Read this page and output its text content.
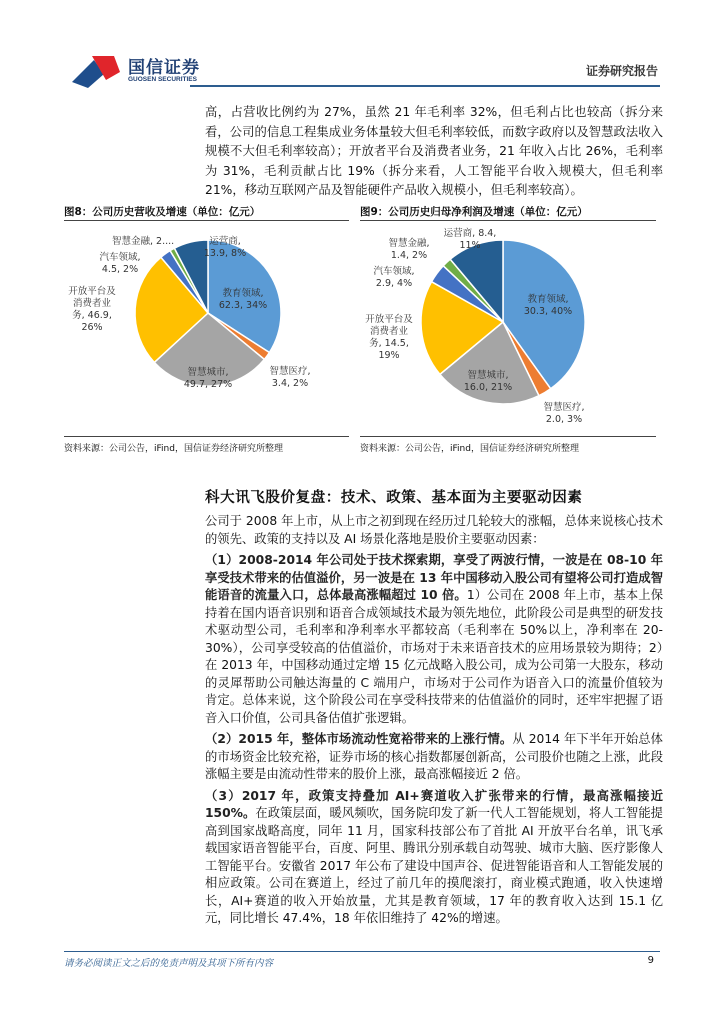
国信证券
GUOSEN SECURITIES
证券研究报告
高，占营收比例约为 27%，虽然 21 年毛利率 32%，但毛利占比也较高（拆分来看，公司的信息工程集成业务体量较大但毛利率较低，而数字政府以及智慧政法收入规模不大但毛利率较高）；开放者平台及消费者业务，21 年收入占比 26%，毛利率为 31%，毛利贡献占比 19%（拆分来看，人工智能平台收入规模大，但毛利率 21%，移动互联网产品及智能硬件产品收入规模小，但毛利率较高）。
图8：公司历史营收及增速（单位：亿元）
资料来源：公司公告，iFind，国信证券经济研究所整理
图9：公司历史归母净利润及增速（单位：亿元）
资料来源：公司公告，iFind，国信证券经济研究所整理
教育领域, 62.3, 34%
智慧医疗, 3.4, 2%
智慧城市, 49.7, 27%
开放平台及消费者业务, 46.9, 26%
汽车领域, 4.5, 2%
智慧金融, 2....	运营商, 13.9, 8%
教育领域, 30.3, 40%
智慧医疗, 2.0, 3%
智慧城市, 16.0, 21%
开放平台及消费者业务, 14.5, 19%
汽车领域, 2.9, 4%
智慧金融, 1.4, 2%
运营商, 8.4, 11%
科大讯飞股价复盘：技术、政策、基本面为主要驱动因素

公司于 2008 年上市，从上市之初到现在经历过几轮较大的涨幅，总体来说核心技术的领先、政策的支持以及 AI 场景化落地是股价主要驱动因素：

（1）2008-2014 年公司处于技术探索期，享受了两波行情，一波是在 08-10 年享受技术带来的估值溢价，另一波是在 13 年中国移动入股公司有望将公司打造成智能语音的流量入口，总体最高涨幅超过 10 倍。1）公司在 2008 年上市，基本上保持着在国内语音识别和语音合成领域技术最为领先地位，此阶段公司是典型的研发技术驱动型公司，毛利率和净利率水平都较高（毛利率在 50%以上，净利率在 20-30%），公司享受较高的估值溢价，市场对于未来语音技术的应用场景较为期待；2）在 2013 年，中国移动通过定增 15 亿元战略入股公司，成为公司第一大股东，移动的灵犀帮助公司触达海量的 C 端用户，市场对于公司作为语音入口的流量价值较为肯定。总体来说，这个阶段公司在享受科技带来的估值溢价的同时，还牢牢把握了语音入口价值，公司具备估值扩张逻辑。

（2）2015 年，整体市场流动性宽裕带来的上涨行情。从 2014 年下半年开始总体的市场资金比较充裕，证券市场的核心指数都屡创新高，公司股价也随之上涨，此段涨幅主要是由流动性带来的股价上涨，最高涨幅接近 2 倍。

（3）2017 年，政策支持叠加 AI+赛道收入扩张带来的行情，最高涨幅接近 150%。在政策层面，暖风频吹，国务院印发了新一代人工智能规划，将人工智能提高到国家战略高度，同年 11 月，国家科技部公布了首批 AI 开放平台名单，讯飞承载国家语音智能平台，百度、阿里、腾讯分别承载自动驾驶、城市大脑、医疗影像人工智能平台。安徽省 2017 年公布了建设中国声谷、促进智能语音和人工智能发展的相应政策。公司在赛道上，经过了前几年的摸爬滚打，商业模式跑通，收入快速增长，AI+赛道的收入开始放量，尤其是教育领域，17 年的教育收入达到 15.1 亿元，同比增长 47.4%，18 年依旧维持了 42%的增速。

请务必阅读正文之后的免责声明及其项下所有内容	9
